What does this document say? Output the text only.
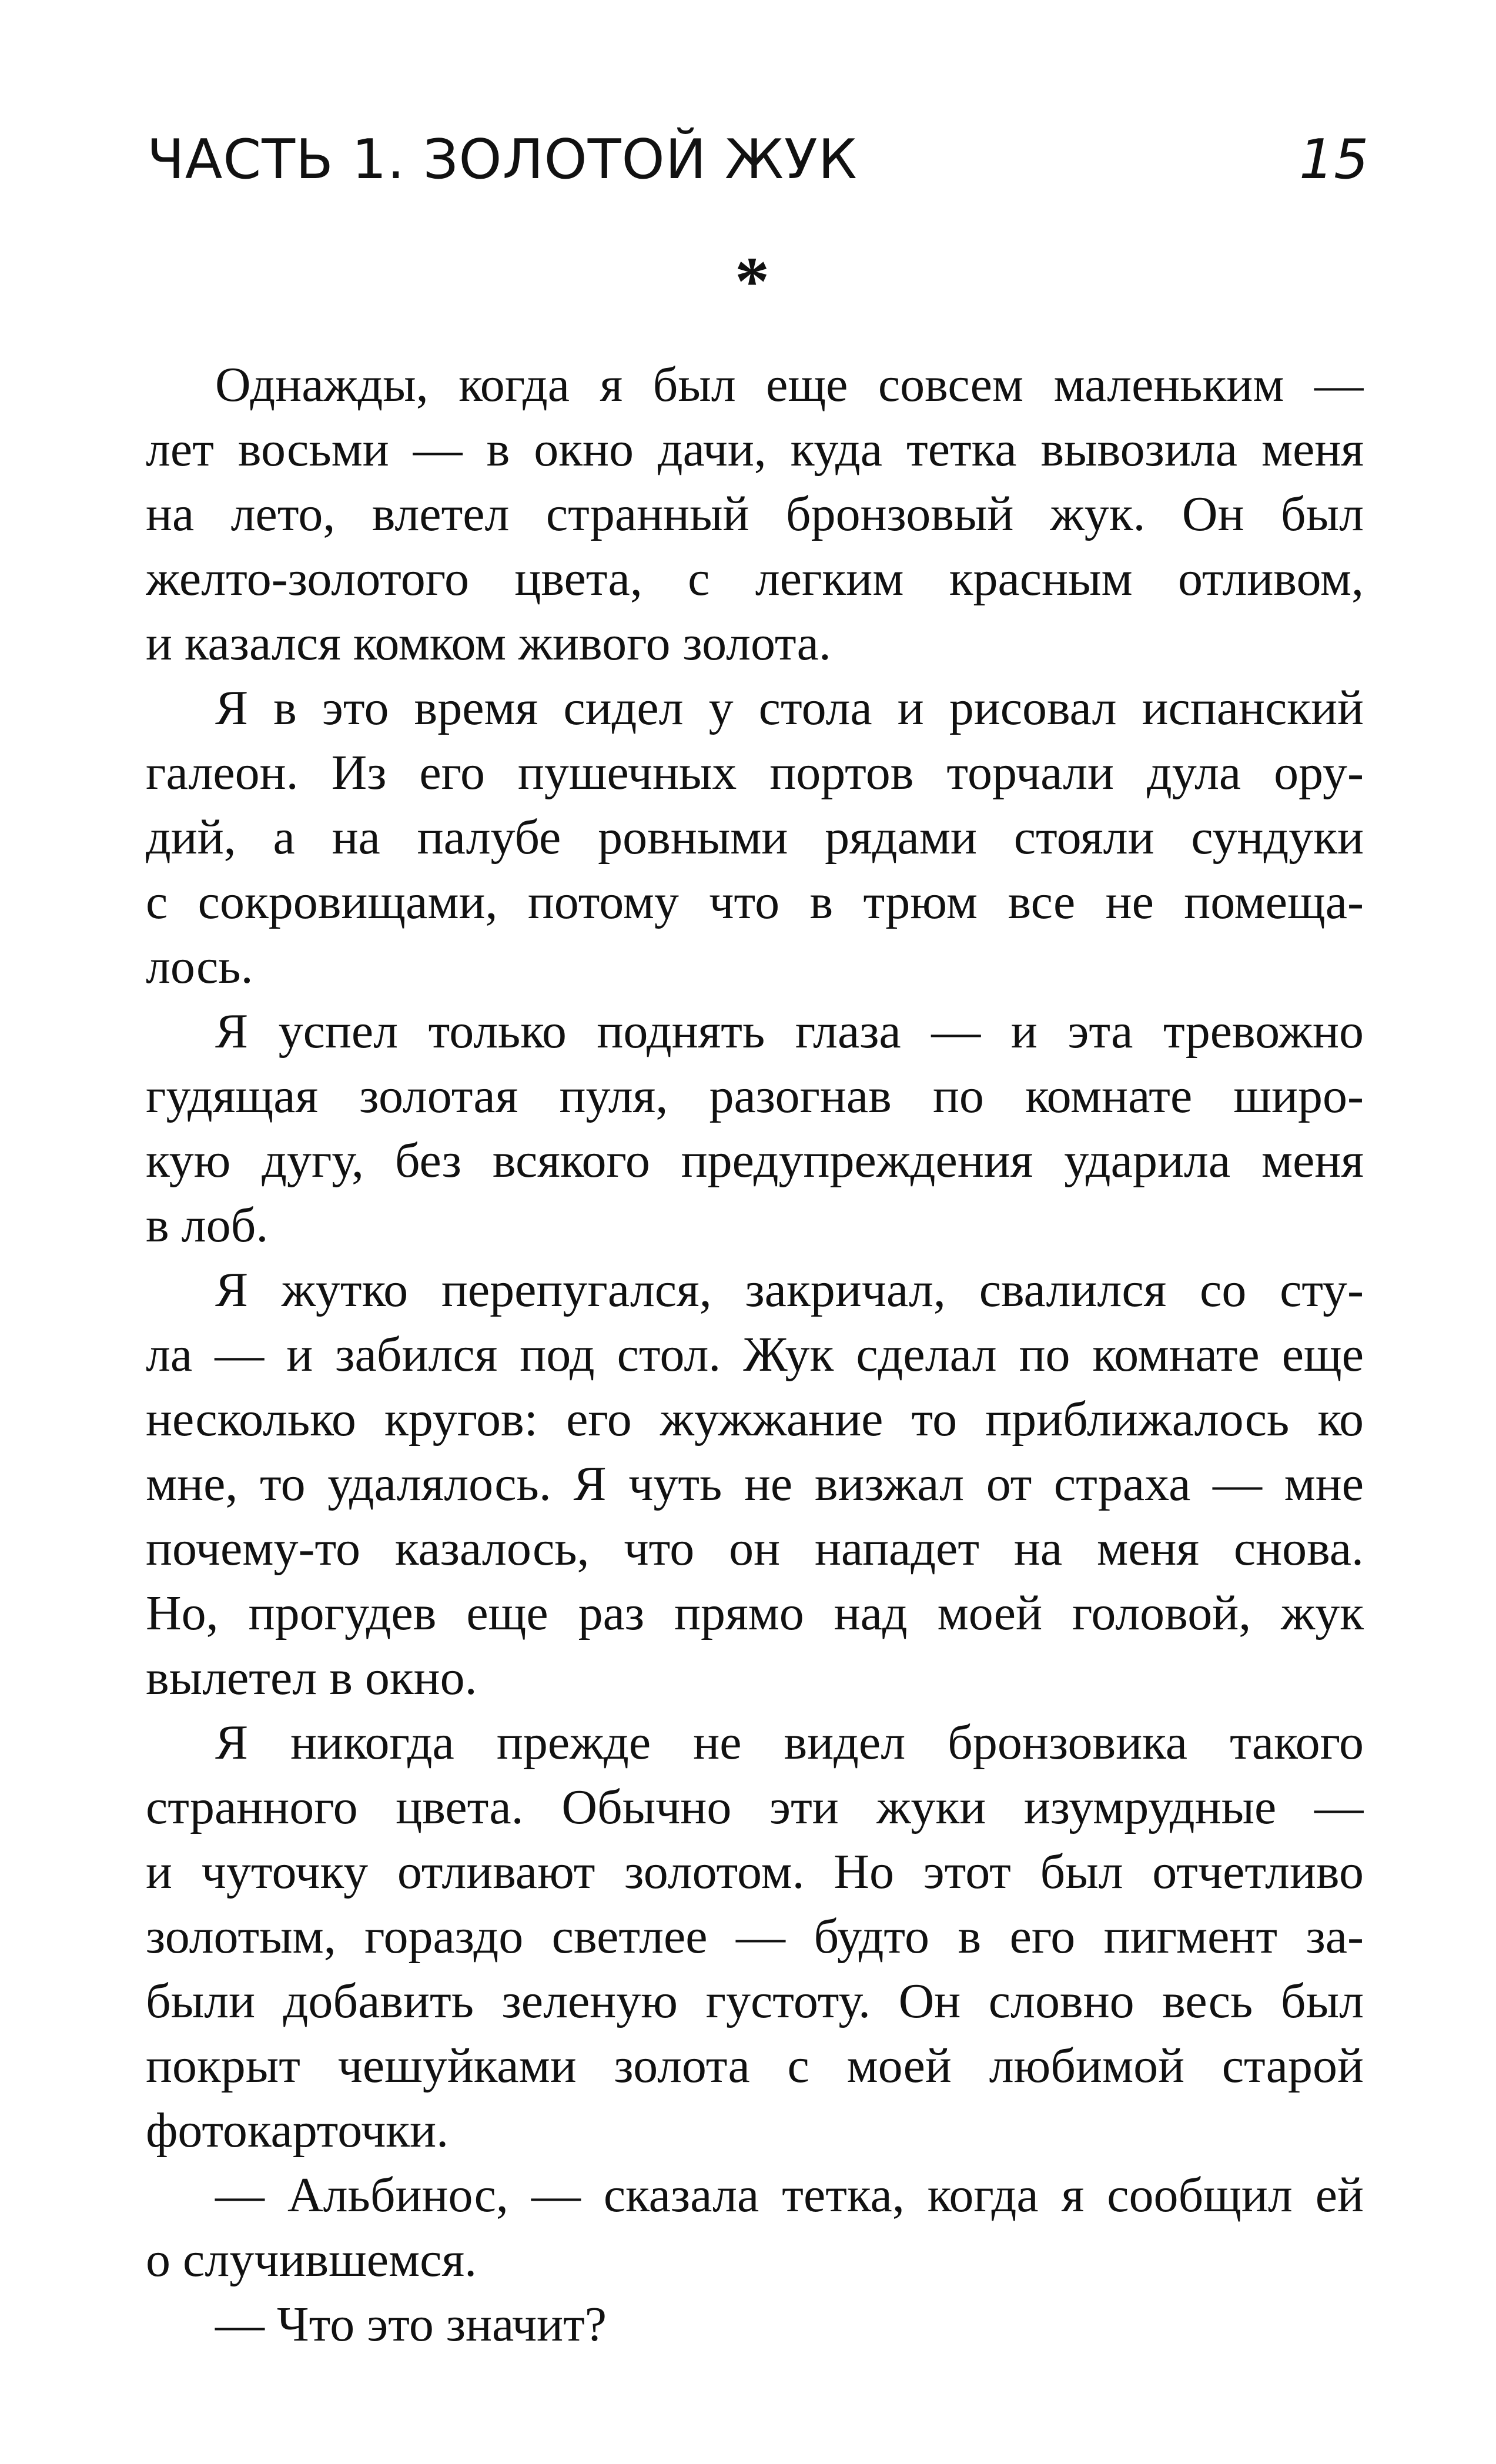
ЧАСТЬ 1. ЗОЛОТОЙ ЖУК	15
*
Однажды, когда я был еще совсем маленьким —
лет восьми — в окно дачи, куда тетка вывозила меня
на лето, влетел странный бронзовый жук. Он был
желто-золотого цвета, с легким красным отливом,
и казался комком живого золота.
Я в это время сидел у стола и рисовал испанский
галеон. Из его пушечных портов торчали дула ору-
дий, а на палубе ровными рядами стояли сундуки
с сокровищами, потому что в трюм все не помеща-
лось.
Я успел только поднять глаза — и эта тревожно
гудящая золотая пуля, разогнав по комнате широ-
кую дугу, без всякого предупреждения ударила меня
в лоб.
Я жутко перепугался, закричал, свалился со сту-
ла — и забился под стол. Жук сделал по комнате еще
несколько кругов: его жужжание то приближалось ко
мне, то удалялось. Я чуть не визжал от страха — мне
почему-то казалось, что он нападет на меня снова.
Но, прогудев еще раз прямо над моей головой, жук
вылетел в окно.
Я никогда прежде не видел бронзовика такого
странного цвета. Обычно эти жуки изумрудные —
и чуточку отливают золотом. Но этот был отчетливо
золотым, гораздо светлее — будто в его пигмент за-
были добавить зеленую густоту. Он словно весь был
покрыт чешуйками золота с моей любимой старой
фотокарточки.
— Альбинос, — сказала тетка, когда я сообщил ей
о случившемся.
— Что это значит?
